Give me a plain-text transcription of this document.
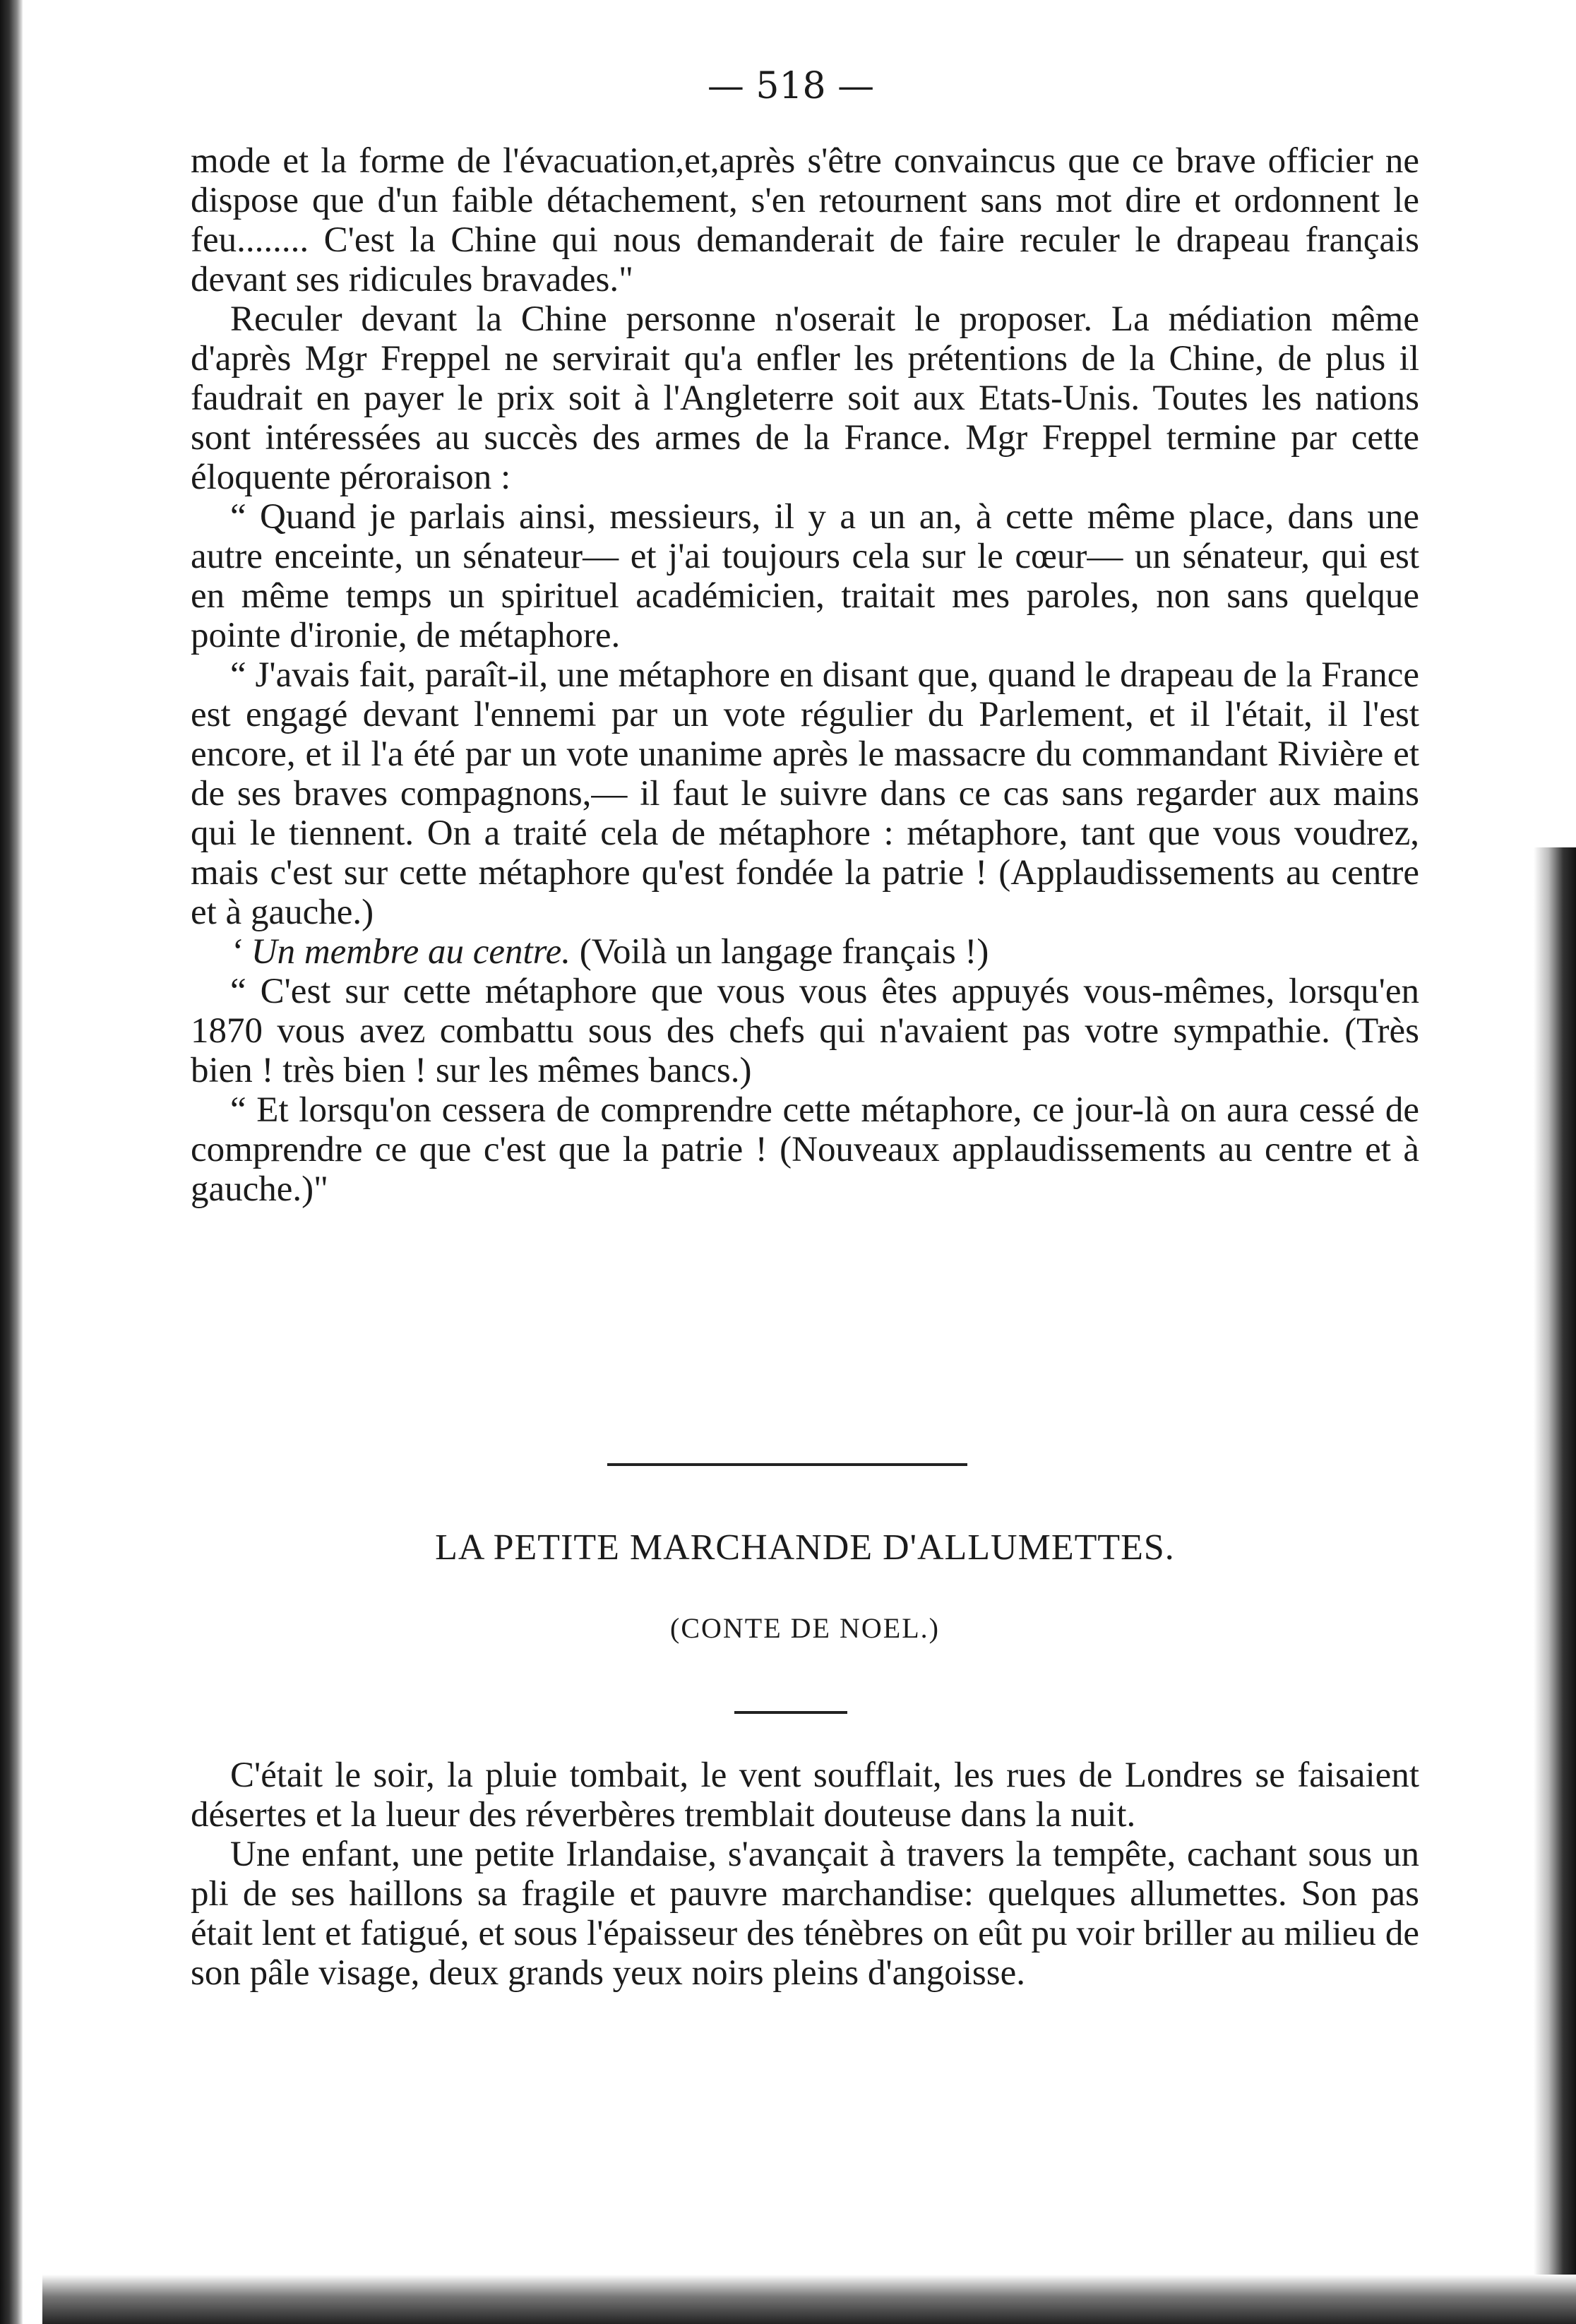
— 518 —

mode et la forme de l'évacuation,et,après s'être convaincus que ce brave officier ne dispose que d'un faible détachement, s'en retournent sans mot dire et ordonnent le feu........ C'est la Chine qui nous demanderait de faire reculer le drapeau français devant ses ridicules bravades."

Reculer devant la Chine personne n'oserait le proposer. La médiation même d'après Mgr Freppel ne servirait qu'a enfler les prétentions de la Chine, de plus il faudrait en payer le prix soit à l'Angleterre soit aux Etats-Unis. Toutes les nations sont intéressées au succès des armes de la France. Mgr Freppel termine par cette éloquente péroraison :

“ Quand je parlais ainsi, messieurs, il y a un an, à cette même place, dans une autre enceinte, un sénateur— et j'ai toujours cela sur le cœur— un sénateur, qui est en même temps un spirituel académicien, traitait mes paroles, non sans quelque pointe d'ironie, de métaphore.

“ J'avais fait, paraît-il, une métaphore en disant que, quand le drapeau de la France est engagé devant l'ennemi par un vote régulier du Parlement, et il l'était, il l'est encore, et il l'a été par un vote unanime après le massacre du commandant Rivière et de ses braves compagnons,— il faut le suivre dans ce cas sans regarder aux mains qui le tiennent. On a traité cela de métaphore : métaphore, tant que vous voudrez, mais c'est sur cette métaphore qu'est fondée la patrie ! (Applaudissements au centre et à gauche.)

‘ Un membre au centre. (Voilà un langage français !)

“ C'est sur cette métaphore que vous vous êtes appuyés vous-mêmes, lorsqu'en 1870 vous avez combattu sous des chefs qui n'avaient pas votre sympathie. (Très bien ! très bien ! sur les mêmes bancs.)

“ Et lorsqu'on cessera de comprendre cette métaphore, ce jour-là on aura cessé de comprendre ce que c'est que la patrie ! (Nouveaux applaudissements au centre et à gauche.)"

LA PETITE MARCHANDE D'ALLUMETTES.
(CONTE DE NOEL.)

C'était le soir, la pluie tombait, le vent soufflait, les rues de Londres se faisaient désertes et la lueur des réverbères tremblait douteuse dans la nuit.

Une enfant, une petite Irlandaise, s'avançait à travers la tempête, cachant sous un pli de ses haillons sa fragile et pauvre marchandise: quelques allumettes. Son pas était lent et fatigué, et sous l'épaisseur des ténèbres on eût pu voir briller au milieu de son pâle visage, deux grands yeux noirs pleins d'angoisse.
